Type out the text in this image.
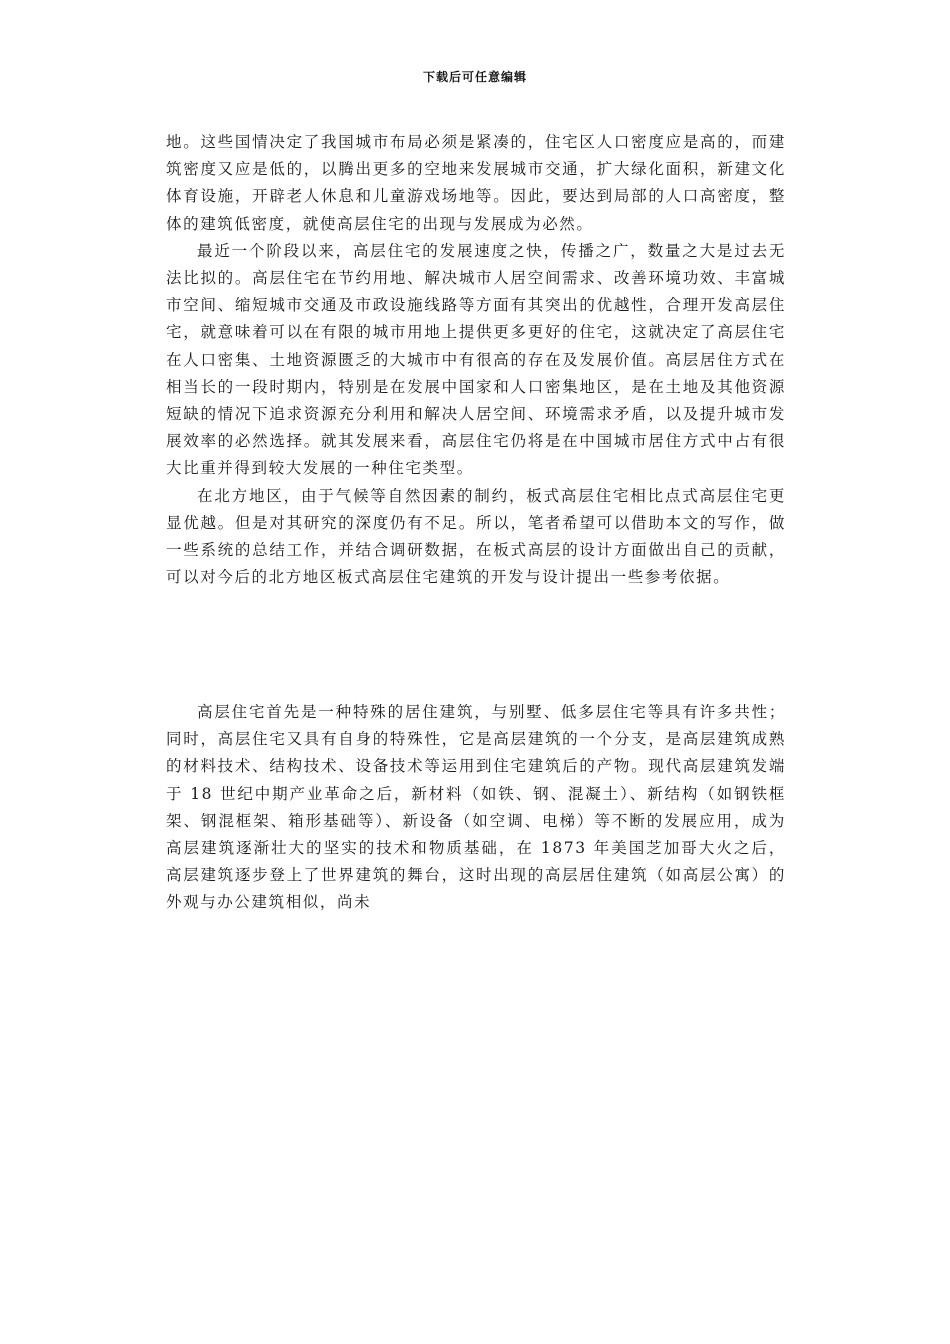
下载后可任意编辑

地。这些国情决定了我国城市布局必须是紧凑的，住宅区人口密度应是高的，而建筑密度又应是低的，以腾出更多的空地来发展城市交通，扩大绿化面积，新建文化体育设施，开辟老人休息和儿童游戏场地等。因此，要达到局部的人口高密度，整体的建筑低密度，就使高层住宅的出现与发展成为必然。

最近一个阶段以来，高层住宅的发展速度之快，传播之广，数量之大是过去无法比拟的。高层住宅在节约用地、解决城市人居空间需求、改善环境功效、丰富城市空间、缩短城市交通及市政设施线路等方面有其突出的优越性，合理开发高层住宅，就意味着可以在有限的城市用地上提供更多更好的住宅，这就决定了高层住宅在人口密集、土地资源匮乏的大城市中有很高的存在及发展价值。高层居住方式在相当长的一段时期内，特别是在发展中国家和人口密集地区，是在土地及其他资源短缺的情况下追求资源充分利用和解决人居空间、环境需求矛盾，以及提升城市发展效率的必然选择。就其发展来看，高层住宅仍将是在中国城市居住方式中占有很大比重并得到较大发展的一种住宅类型。

在北方地区，由于气候等自然因素的制约，板式高层住宅相比点式高层住宅更显优越。但是对其研究的深度仍有不足。所以，笔者希望可以借助本文的写作，做一些系统的总结工作，并结合调研数据，在板式高层的设计方面做出自己的贡献，可以对今后的北方地区板式高层住宅建筑的开发与设计提出一些参考依据。

高层住宅首先是一种特殊的居住建筑，与别墅、低多层住宅等具有许多共性；同时，高层住宅又具有自身的特殊性，它是高层建筑的一个分支，是高层建筑成熟的材料技术、结构技术、设备技术等运用到住宅建筑后的产物。现代高层建筑发端于 18 世纪中期产业革命之后，新材料（如铁、钢、混凝土）、新结构（如钢铁框架、钢混框架、箱形基础等）、新设备（如空调、电梯）等不断的发展应用，成为高层建筑逐渐壮大的坚实的技术和物质基础，在 1873 年美国芝加哥大火之后，高层建筑逐步登上了世界建筑的舞台，这时出现的高层居住建筑（如高层公寓）的外观与办公建筑相似，尚未
